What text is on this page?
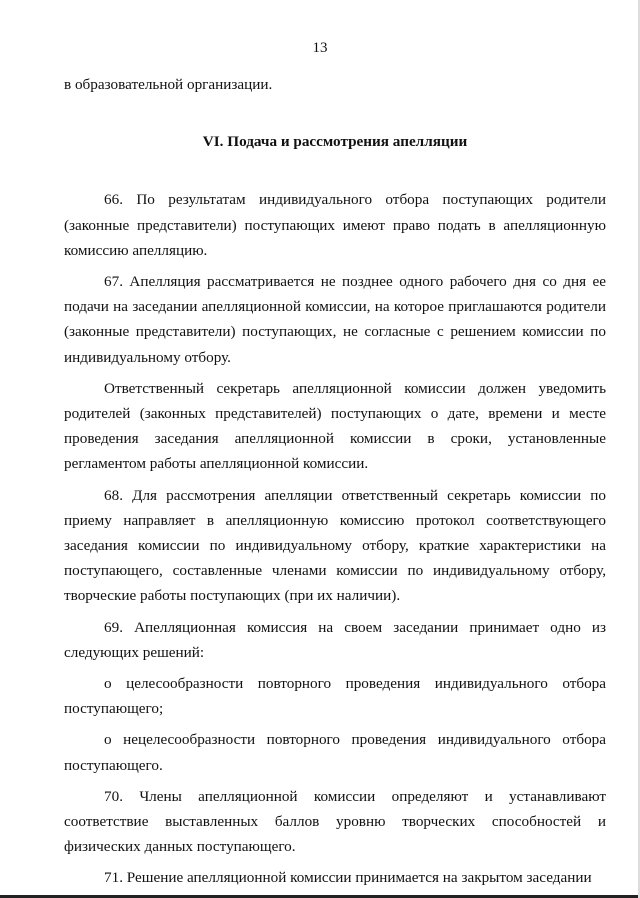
13

в образовательной организации.

VI. Подача и рассмотрения апелляции

66. По результатам индивидуального отбора поступающих родители (законные представители) поступающих имеют право подать в апелляционную комиссию апелляцию.

67. Апелляция рассматривается не позднее одного рабочего дня со дня ее подачи на заседании апелляционной комиссии, на которое приглашаются родители (законные представители) поступающих, не согласные с решением комиссии по индивидуальному отбору.

Ответственный секретарь апелляционной комиссии должен уведомить родителей (законных представителей) поступающих о дате, времени и месте проведения заседания апелляционной комиссии в сроки, установленные регламентом работы апелляционной комиссии.

68. Для рассмотрения апелляции ответственный секретарь комиссии по приему направляет в апелляционную комиссию протокол соответствующего заседания комиссии по индивидуальному отбору, краткие характеристики на поступающего, составленные членами комиссии по индивидуальному отбору, творческие работы поступающих (при их наличии).

69. Апелляционная комиссия на своем заседании принимает одно из следующих решений:

о целесообразности повторного проведения индивидуального отбора поступающего;

о нецелесообразности повторного проведения индивидуального отбора поступающего.

70. Члены апелляционной комиссии определяют и устанавливают соответствие выставленных баллов уровню творческих способностей и физических данных поступающего.

71. Решение апелляционной комиссии принимается на закрытом заседании
